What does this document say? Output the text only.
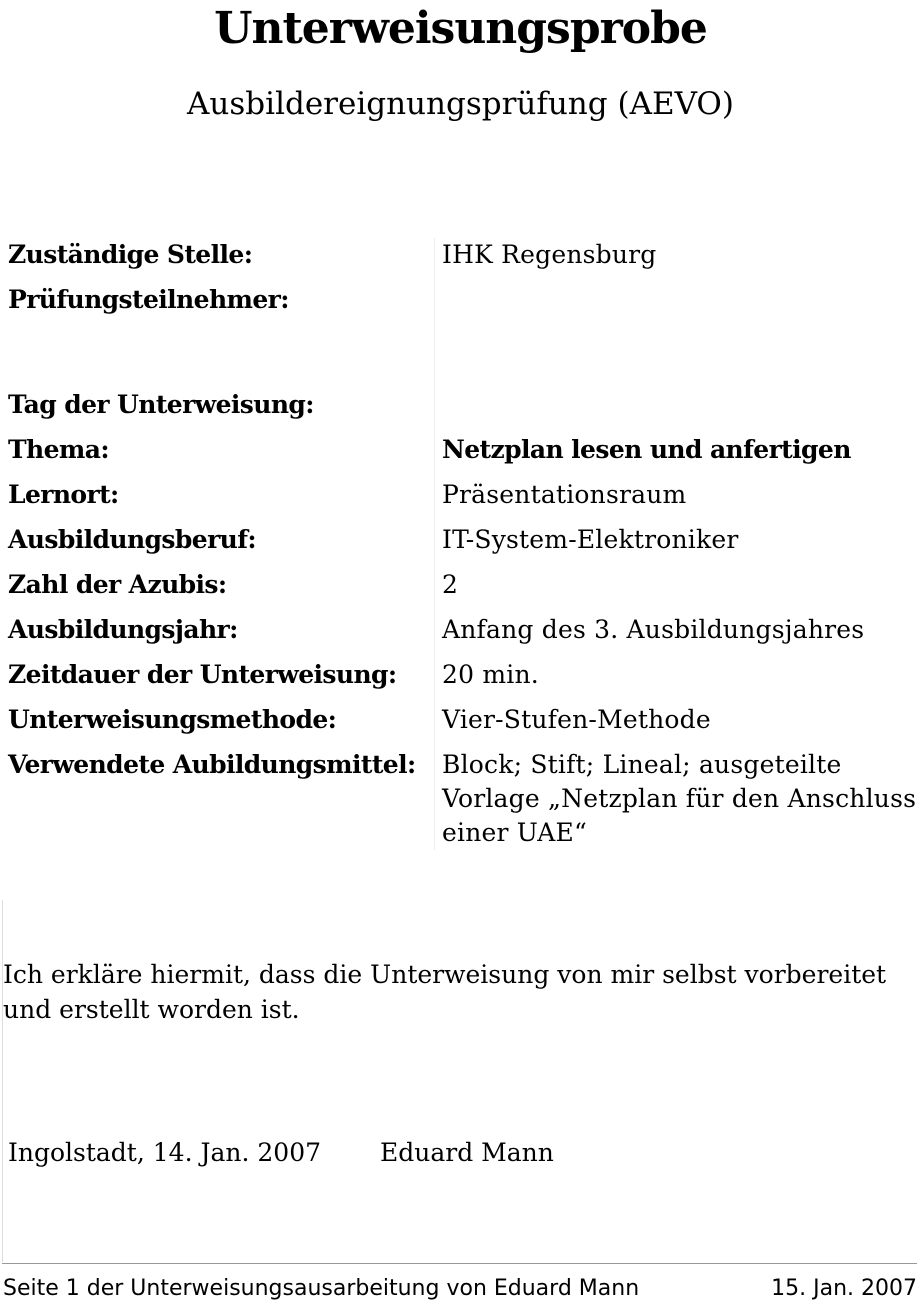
Unterweisungsprobe
Ausbildereignungsprüfung (AEVO)
Zuständige Stelle:	IHK Regensburg
Prüfungsteilnehmer:	
Tag der Unterweisung:	
Thema:	Netzplan lesen und anfertigen
Lernort:	Präsentationsraum
Ausbildungsberuf:	IT-System-Elektroniker
Zahl der Azubis:	2
Ausbildungsjahr:	Anfang des 3. Ausbildungsjahres
Zeitdauer der Unterweisung:	20 min.
Unterweisungsmethode:	Vier-Stufen-Methode
Verwendete Aubildungsmittel:	Block; Stift; Lineal; ausgeteilte Vorlage „Netzplan für den Anschluss einer UAE“

Ich erkläre hiermit, dass die Unterweisung von mir selbst vorbereitet und erstellt worden ist.

Ingolstadt, 14. Jan. 2007 Eduard Mann
Seite 1 der Unterweisungsausarbeitung von Eduard Mann	15. Jan. 2007
